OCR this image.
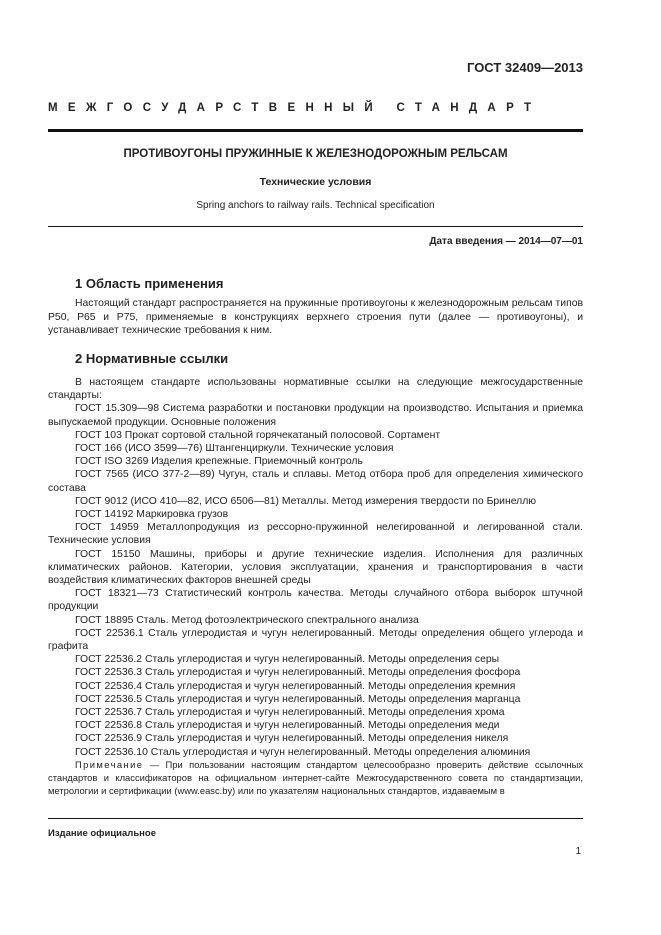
ГОСТ 32409—2013
МЕЖГОСУДАРСТВЕННЫЙ СТАНДАРТ
ПРОТИВОУГОНЫ ПРУЖИННЫЕ К ЖЕЛЕЗНОДОРОЖНЫМ РЕЛЬСАМ
Технические условия
Spring anchors to railway rails. Technical specification
Дата введения — 2014—07—01
1 Область применения

Настоящий стандарт распространяется на пружинные противоугоны к железнодорожным рельсам типов Р50, Р65 и Р75, применяемые в конструкциях верхнего строения пути (далее — противоугоны), и устанавливает технические требования к ним.

2 Нормативные ссылки
В настоящем стандарте использованы нормативные ссылки на следующие межгосударственные стандарты:
ГОСТ 15.309—98 Система разработки и постановки продукции на производство. Испытания и приемка выпускаемой продукции. Основные положения
ГОСТ 103 Прокат сортовой стальной горячекатаный полосовой. Сортамент
ГОСТ 166 (ИСО 3599—76) Штангенциркули. Технические условия
ГОСТ ISO 3269 Изделия крепежные. Приемочный контроль
ГОСТ 7565 (ИСО 377-2—89) Чугун, сталь и сплавы. Метод отбора проб для определения химического состава
ГОСТ 9012 (ИСО 410—82, ИСО 6506—81) Металлы. Метод измерения твердости по Бринеллю
ГОСТ 14192 Маркировка грузов
ГОСТ 14959 Металлопродукция из рессорно-пружинной нелегированной и легированной стали. Технические условия
ГОСТ 15150 Машины, приборы и другие технические изделия. Исполнения для различных климатических районов. Категории, условия эксплуатации, хранения и транспортирования в части воздействия климатических факторов внешней среды
ГОСТ 18321—73 Статистический контроль качества. Методы случайного отбора выборок штучной продукции
ГОСТ 18895 Сталь. Метод фотоэлектрического спектрального анализа
ГОСТ 22536.1 Сталь углеродистая и чугун нелегированный. Методы определения общего углерода и графита
ГОСТ 22536.2 Сталь углеродистая и чугун нелегированный. Методы определения серы
ГОСТ 22536.3 Сталь углеродистая и чугун нелегированный. Методы определения фосфора
ГОСТ 22536.4 Сталь углеродистая и чугун нелегированный. Методы определения кремния
ГОСТ 22536.5 Сталь углеродистая и чугун нелегированный. Методы определения марганца
ГОСТ 22536.7 Сталь углеродистая и чугун нелегированный. Методы определения хрома
ГОСТ 22536.8 Сталь углеродистая и чугун нелегированный. Методы определения меди
ГОСТ 22536.9 Сталь углеродистая и чугун нелегированный. Методы определения никеля
ГОСТ 22536.10 Сталь углеродистая и чугун нелегированный. Методы определения алюминия
Примечание — При пользовании настоящим стандартом целесообразно проверить действие ссылочных стандартов и классификаторов на официальном интернет-сайте Межгосударственного совета по стандартизации, метрологии и сертификации (www.easc.by) или по указателям национальных стандартов, издаваемым в
Издание официальное
1
